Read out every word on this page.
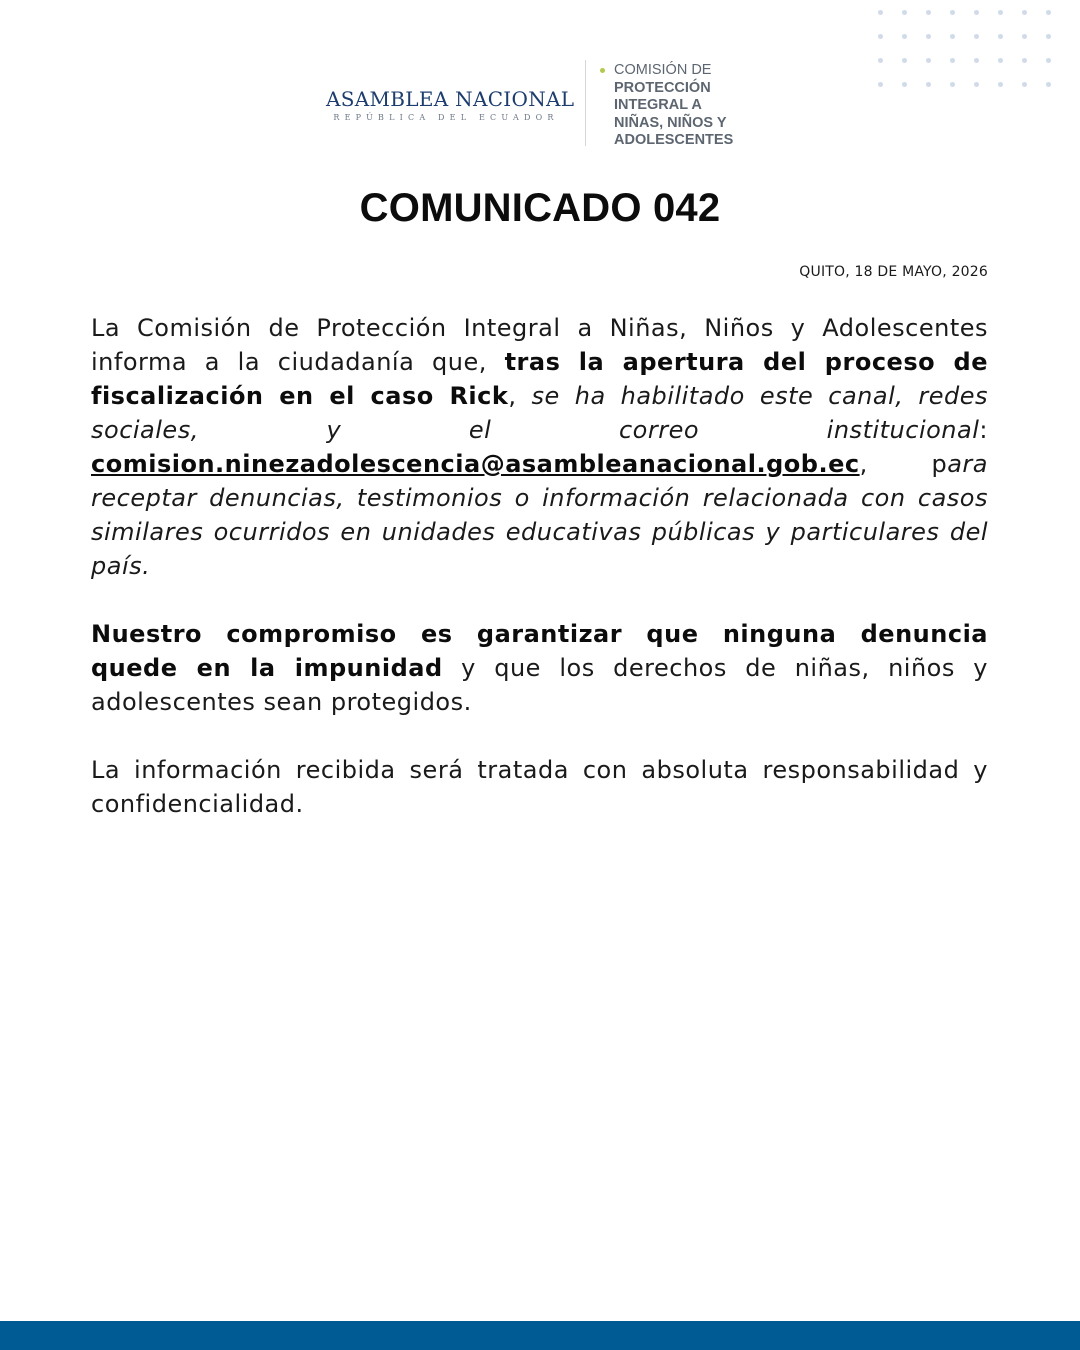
ASAMBLEA NACIONAL
REPÚBLICA DEL ECUADOR
COMISIÓN DE
PROTECCIÓN
INTEGRAL A
NIÑAS, NIÑOS Y
ADOLESCENTES
COMUNICADO 042
QUITO, 18 DE MAYO, 2026

La Comisión de Protección Integral a Niñas, Niños y Adolescentes informa a la ciudadanía que, tras la apertura del proceso de fiscalización en el caso Rick, se ha habilitado este canal, redes sociales, y el correo institucional: comision.ninezadolescencia@asambleanacional.gob.ec, para receptar denuncias, testimonios o información relacionada con casos similares ocurridos en unidades educativas públicas y particulares del país.

Nuestro compromiso es garantizar que ninguna denuncia quede en la impunidad y que los derechos de niñas, niños y adolescentes sean protegidos.

La información recibida será tratada con absoluta responsabilidad y confidencialidad.
